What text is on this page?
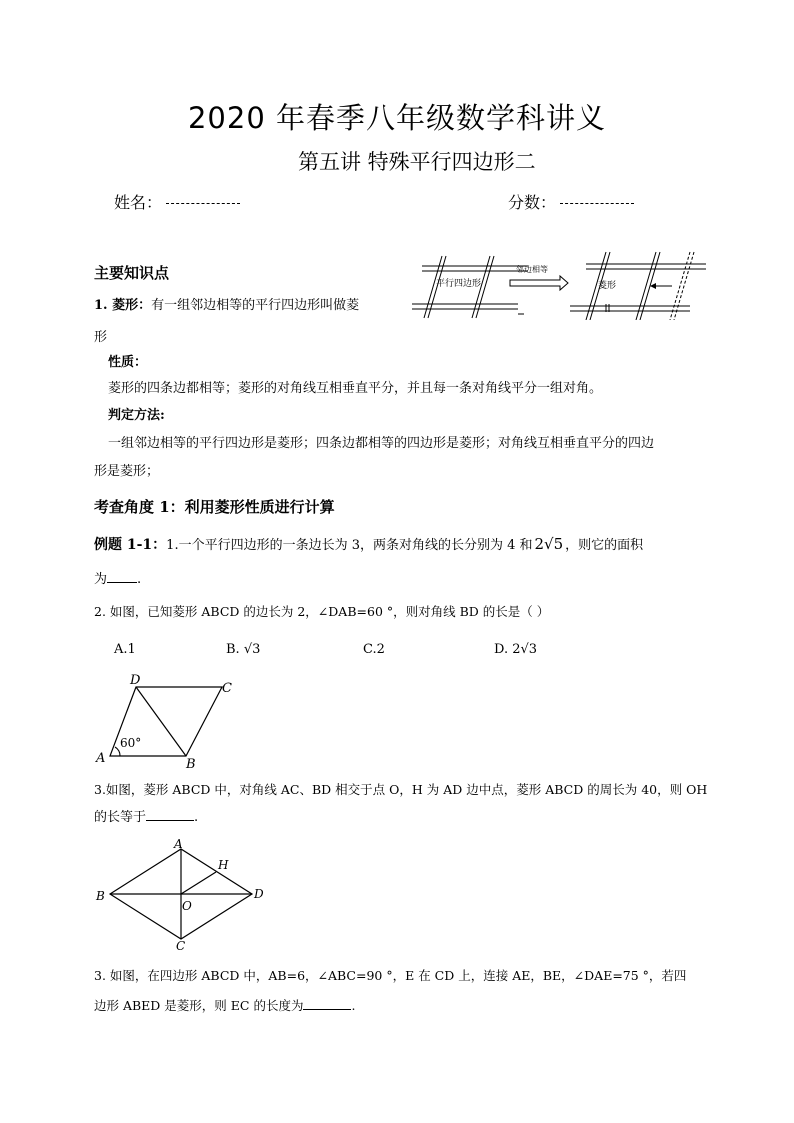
2020 年春季八年级数学科讲义
第五讲 特殊平行四边形二
姓名：	分数：
主要知识点
平行四边形
邻边相等
菱形
1. 菱形：有一组邻边相等的平行四边形叫做菱
形
性质：
菱形的四条边都相等；菱形的对角线互相垂直平分，并且每一条对角线平分一组对角。
判定方法:
一组邻边相等的平行四边形是菱形；四条边都相等的四边形是菱形；对角线互相垂直平分的四边
形是菱形；
考查角度 1：利用菱形性质进行计算
例题 1-1：1.一个平行四边形的一条边长为 3，两条对角线的长分别为 4 和 2√5 ，则它的面积
为 .
2. 如图，已知菱形 ABCD 的边长为 2，∠DAB=60 °，则对角线 BD 的长是（ ）
A.1	B. √3	C.2	D. 2√3
A	B
C
D
60°
3.如图，菱形 ABCD 中，对角线 AC、BD 相交于点 O，H 为 AD 边中点，菱形 ABCD 的周长为 40，则 OH
的长等于	.
A
B
C
D
H
O
3. 如图，在四边形 ABCD 中，AB=6，∠ABC=90 °，E 在 CD 上，连接 AE，BE，∠DAE=75 °，若四
边形 ABED 是菱形，则 EC 的长度为	.
